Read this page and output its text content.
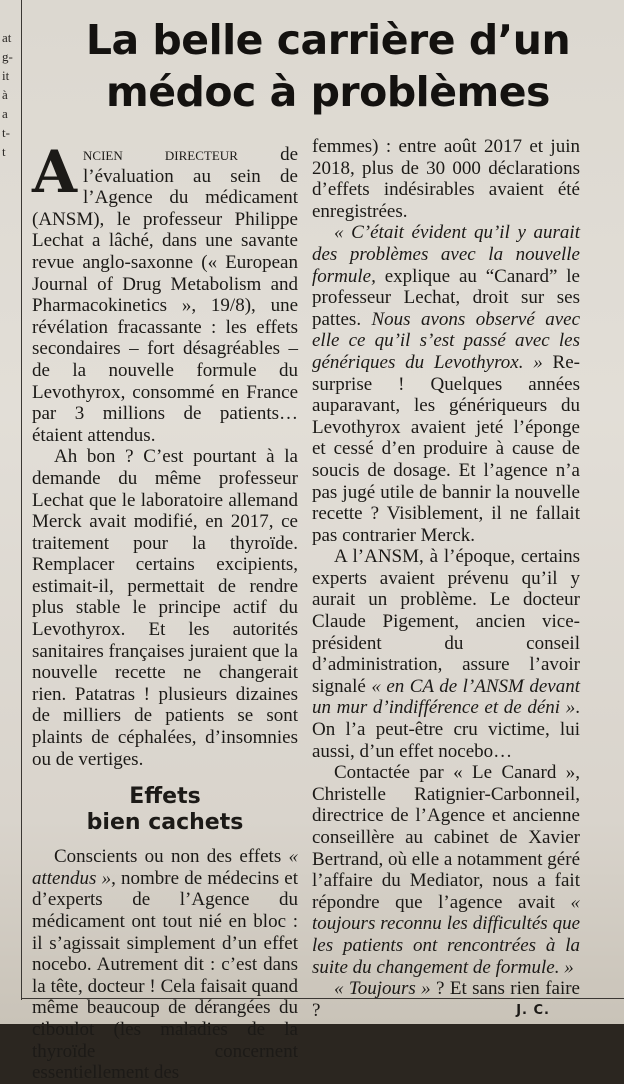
at
g-
it
à
a
t-
t
La belle carrière d’un
médoc à problèmes

Ancien directeur de l’évaluation au sein de l’Agence du médicament (ANSM), le professeur Philippe Lechat a lâché, dans une savante revue anglo-saxonne (« European Journal of Drug Metabolism and Pharmacokinetics », 19/8), une révélation fracassante : les effets secondaires – fort désagréables – de la nouvelle formule du Levothyrox, consommé en France par 3 millions de patients… étaient attendus.

Ah bon ? C’est pourtant à la demande du même professeur Lechat que le laboratoire allemand Merck avait modifié, en 2017, ce traitement pour la thyroïde. Remplacer certains excipients, estimait-il, permettait de rendre plus stable le principe actif du Levothyrox. Et les autorités sanitaires françaises juraient que la nouvelle recette ne changerait rien. Patatras ! plusieurs dizaines de milliers de patients se sont plaints de céphalées, d’insomnies ou de vertiges.

Effets
bien cachets

Conscients ou non des effets « attendus », nombre de médecins et d’experts de l’Agence du médicament ont tout nié en bloc : il s’agissait simplement d’un effet nocebo. Autrement dit : c’est dans la tête, docteur ! Cela faisait quand même beaucoup de dérangées du ciboulot (les maladies de la thyroïde concernent essentiellement des

femmes) : entre août 2017 et juin 2018, plus de 30 000 déclarations d’effets indésirables avaient été enregistrées.

« C’était évident qu’il y aurait des problèmes avec la nouvelle formule, explique au “Canard” le professeur Lechat, droit sur ses pattes. Nous avons observé avec elle ce qu’il s’est passé avec les génériques du Levothyrox. » Re-surprise ! Quelques années auparavant, les génériqueurs du Levothyrox avaient jeté l’éponge et cessé d’en produire à cause de soucis de dosage. Et l’agence n’a pas jugé utile de bannir la nouvelle recette ? Visiblement, il ne fallait pas contrarier Merck.

A l’ANSM, à l’époque, certains experts avaient prévenu qu’il y aurait un problème. Le docteur Claude Pigement, ancien vice-président du conseil d’administration, assure l’avoir signalé « en CA de l’ANSM devant un mur d’indifférence et de déni ». On l’a peut-être cru victime, lui aussi, d’un effet nocebo…

Contactée par « Le Canard », Christelle Ratignier-Carbonneil, directrice de l’Agence et ancienne conseillère au cabinet de Xavier Bertrand, où elle a notamment géré l’affaire du Mediator, nous a fait répondre que l’agence avait « toujours reconnu les difficultés que les patients ont rencontrées à la suite du changement de formule. »

« Toujours » ? Et sans rien faire ?	J. C.
